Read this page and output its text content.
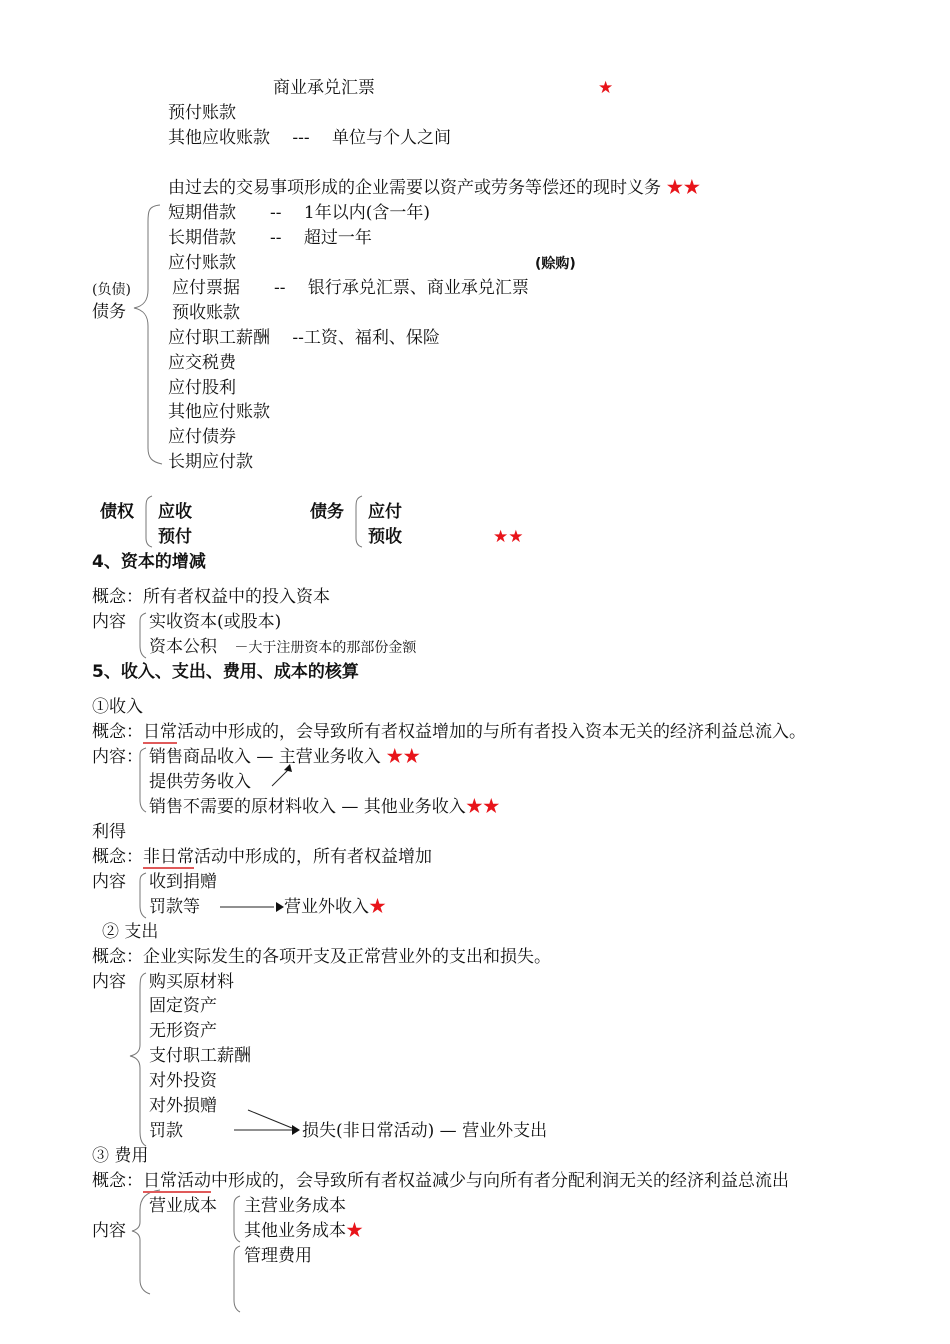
商业承兑汇票	★
预付账款
其他应收账款　 ---　 单位与个人之间
由过去的交易事项形成的企业需要以资产或劳务等偿还的现时义务 ★★
(负债)
债务
短期借款　　--　 1年以内(含一年)
长期借款　　--　 超过一年
应付账款	(赊购)
应付票据　　--　 银行承兑汇票、商业承兑汇票
预收账款
应付职工薪酬　 --工资、福利、保险
应交税费
应付股利
其他应付账款
应付债券
长期应付款
债权 应收
预付
债务 应付
预收	★★
4、资本的增减
概念：所有者权益中的投入资本
内容 实收资本(或股本)
资本公积 －大于注册资本的那部份金额
5、收入、支出、费用、成本的核算
①收入
概念：日常活动中形成的，会导致所有者权益增加的与所有者投入资本无关的经济利益总流入。
内容： 销售商品收入 — 主营业务收入 ★★
提供劳务收入
销售不需要的原材料收入 — 其他业务收入★★
利得
概念：非日常活动中形成的，所有者权益增加
内容 收到捐赠
罚款等	营业外收入★
② 支出
概念：企业实际发生的各项开支及正常营业外的支出和损失。
内容 购买原材料
固定资产
无形资产
支付职工薪酬
对外投资
对外损赠
罚款	损失(非日常活动) — 营业外支出
③ 费用
概念：日常活动中形成的，会导致所有者权益减少与向所有者分配利润无关的经济利益总流出
营业成本 主营业务成本
其他业务成本★
内容
管理费用
